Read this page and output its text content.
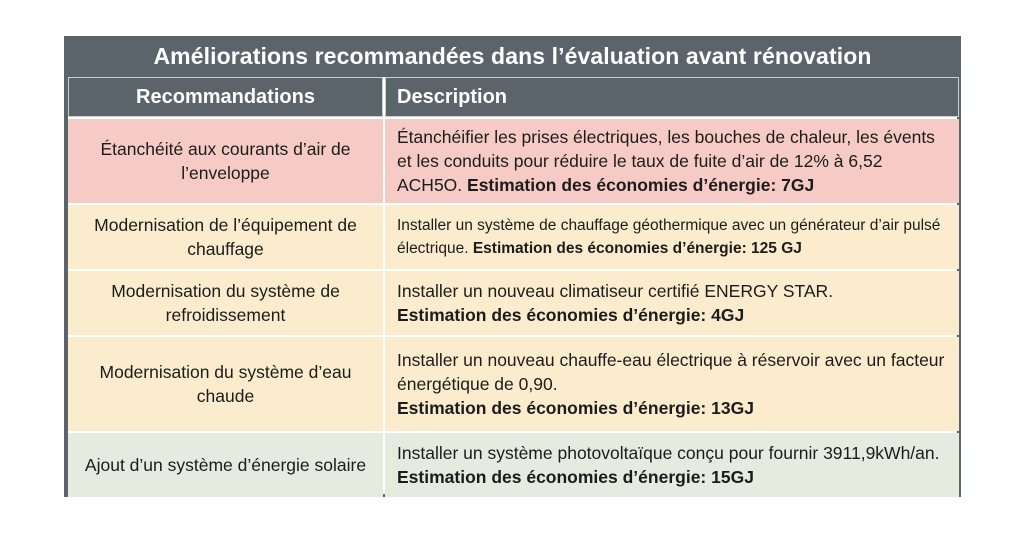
Améliorations recommandées dans l’évaluation avant rénovation
Recommandations	Description
Étanchéité aux courants d’air de l’enveloppe
Étanchéifier les prises électriques, les bouches de chaleur, les évents et les conduits pour réduire le taux de fuite d’air de 12% à 6,52 ACH5O. Estimation des économies d’énergie: 7GJ
Modernisation de l’équipement de chauffage
Installer un système de chauffage géothermique avec un générateur d’air pulsé électrique. Estimation des économies d’énergie: 125 GJ
Modernisation du système de refroidissement
Installer un nouveau climatiseur certifié ENERGY STAR.
Estimation des économies d’énergie: 4GJ
Modernisation du système d’eau chaude
Installer un nouveau chauffe-eau électrique à réservoir avec un facteur énergétique de 0,90.
Estimation des économies d’énergie: 13GJ
Ajout d’un système d’énergie solaire
Installer un système photovoltaïque conçu pour fournir 3911,9kWh/an. Estimation des économies d’énergie: 15GJ
